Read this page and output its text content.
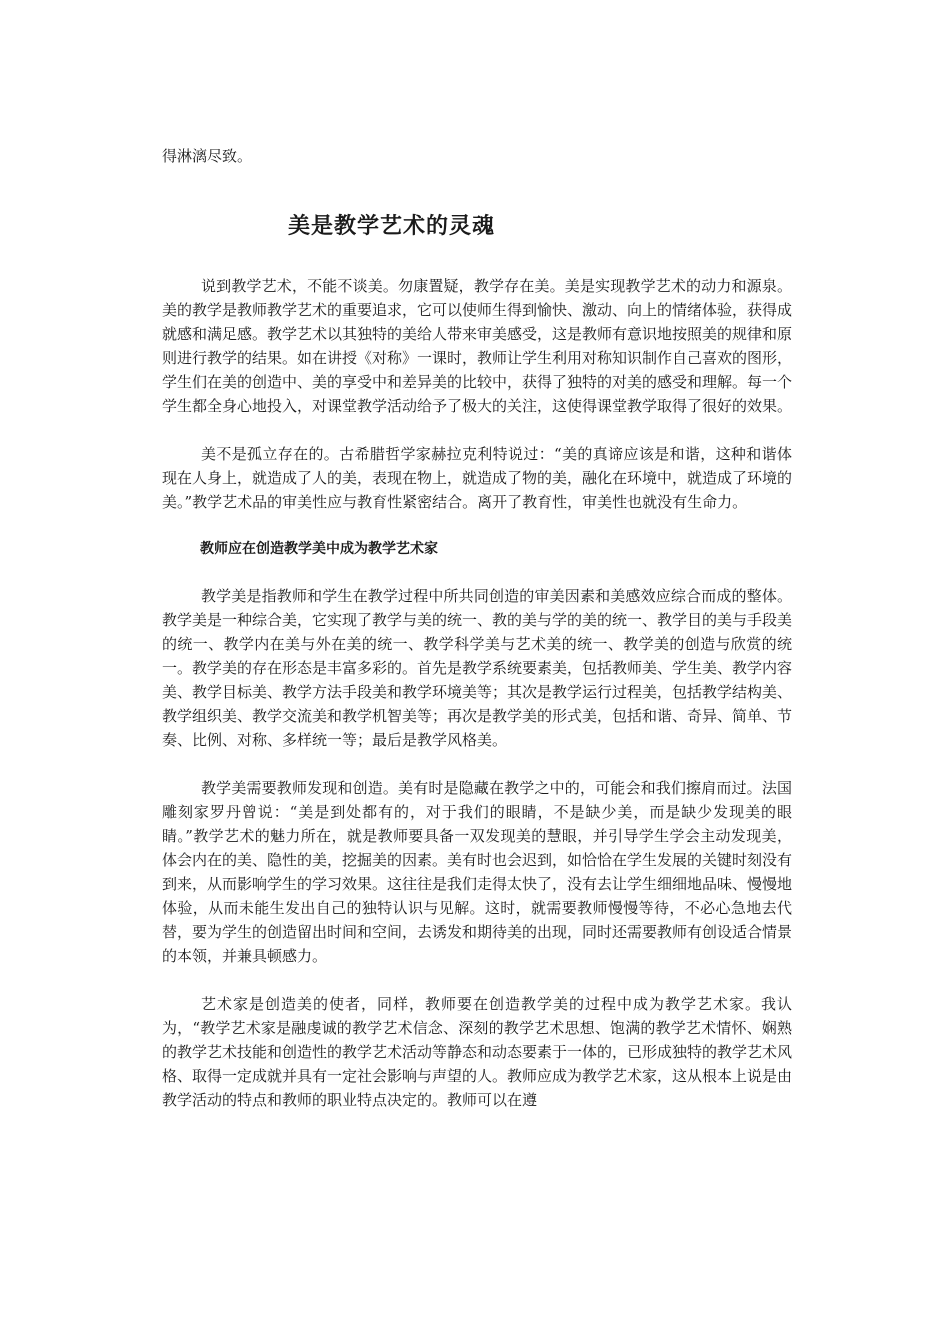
得淋漓尽致。

美是教学艺术的灵魂

说到教学艺术，不能不谈美。勿康置疑，教学存在美。美是实现教学艺术的动力和源泉。美的教学是教师教学艺术的重要追求，它可以使师生得到愉快、激动、向上的情绪体验，获得成就感和满足感。教学艺术以其独特的美给人带来审美感受，这是教师有意识地按照美的规律和原则进行教学的结果。如在讲授《对称》一课时，教师让学生利用对称知识制作自己喜欢的图形，学生们在美的创造中、美的享受中和差异美的比较中，获得了独特的对美的感受和理解。每一个学生都全身心地投入，对课堂教学活动给予了极大的关注，这使得课堂教学取得了很好的效果。

美不是孤立存在的。古希腊哲学家赫拉克利特说过：“美的真谛应该是和谐，这种和谐体现在人身上，就造成了人的美，表现在物上，就造成了物的美，融化在环境中，就造成了环境的美。”教学艺术品的审美性应与教育性紧密结合。离开了教育性，审美性也就没有生命力。

教师应在创造教学美中成为教学艺术家

教学美是指教师和学生在教学过程中所共同创造的审美因素和美感效应综合而成的整体。教学美是一种综合美，它实现了教学与美的统一、教的美与学的美的统一、教学目的美与手段美的统一、教学内在美与外在美的统一、教学科学美与艺术美的统一、教学美的创造与欣赏的统一。教学美的存在形态是丰富多彩的。首先是教学系统要素美，包括教师美、学生美、教学内容美、教学目标美、教学方法手段美和教学环境美等；其次是教学运行过程美，包括教学结构美、教学组织美、教学交流美和教学机智美等；再次是教学美的形式美，包括和谐、奇异、简单、节奏、比例、对称、多样统一等；最后是教学风格美。

教学美需要教师发现和创造。美有时是隐藏在教学之中的，可能会和我们擦肩而过。法国雕刻家罗丹曾说：“美是到处都有的，对于我们的眼睛，不是缺少美，而是缺少发现美的眼睛。”教学艺术的魅力所在，就是教师要具备一双发现美的慧眼，并引导学生学会主动发现美，体会内在的美、隐性的美，挖掘美的因素。美有时也会迟到，如恰恰在学生发展的关键时刻没有到来，从而影响学生的学习效果。这往往是我们走得太快了，没有去让学生细细地品味、慢慢地体验，从而未能生发出自己的独特认识与见解。这时，就需要教师慢慢等待，不必心急地去代替，要为学生的创造留出时间和空间，去诱发和期待美的出现，同时还需要教师有创设适合情景的本领，并兼具顿感力。

艺术家是创造美的使者，同样，教师要在创造教学美的过程中成为教学艺术家。我认为，“教学艺术家是融虔诚的教学艺术信念、深刻的教学艺术思想、饱满的教学艺术情怀、娴熟的教学艺术技能和创造性的教学艺术活动等静态和动态要素于一体的，已形成独特的教学艺术风格、取得一定成就并具有一定社会影响与声望的人。教师应成为教学艺术家，这从根本上说是由教学活动的特点和教师的职业特点决定的。教师可以在遵
